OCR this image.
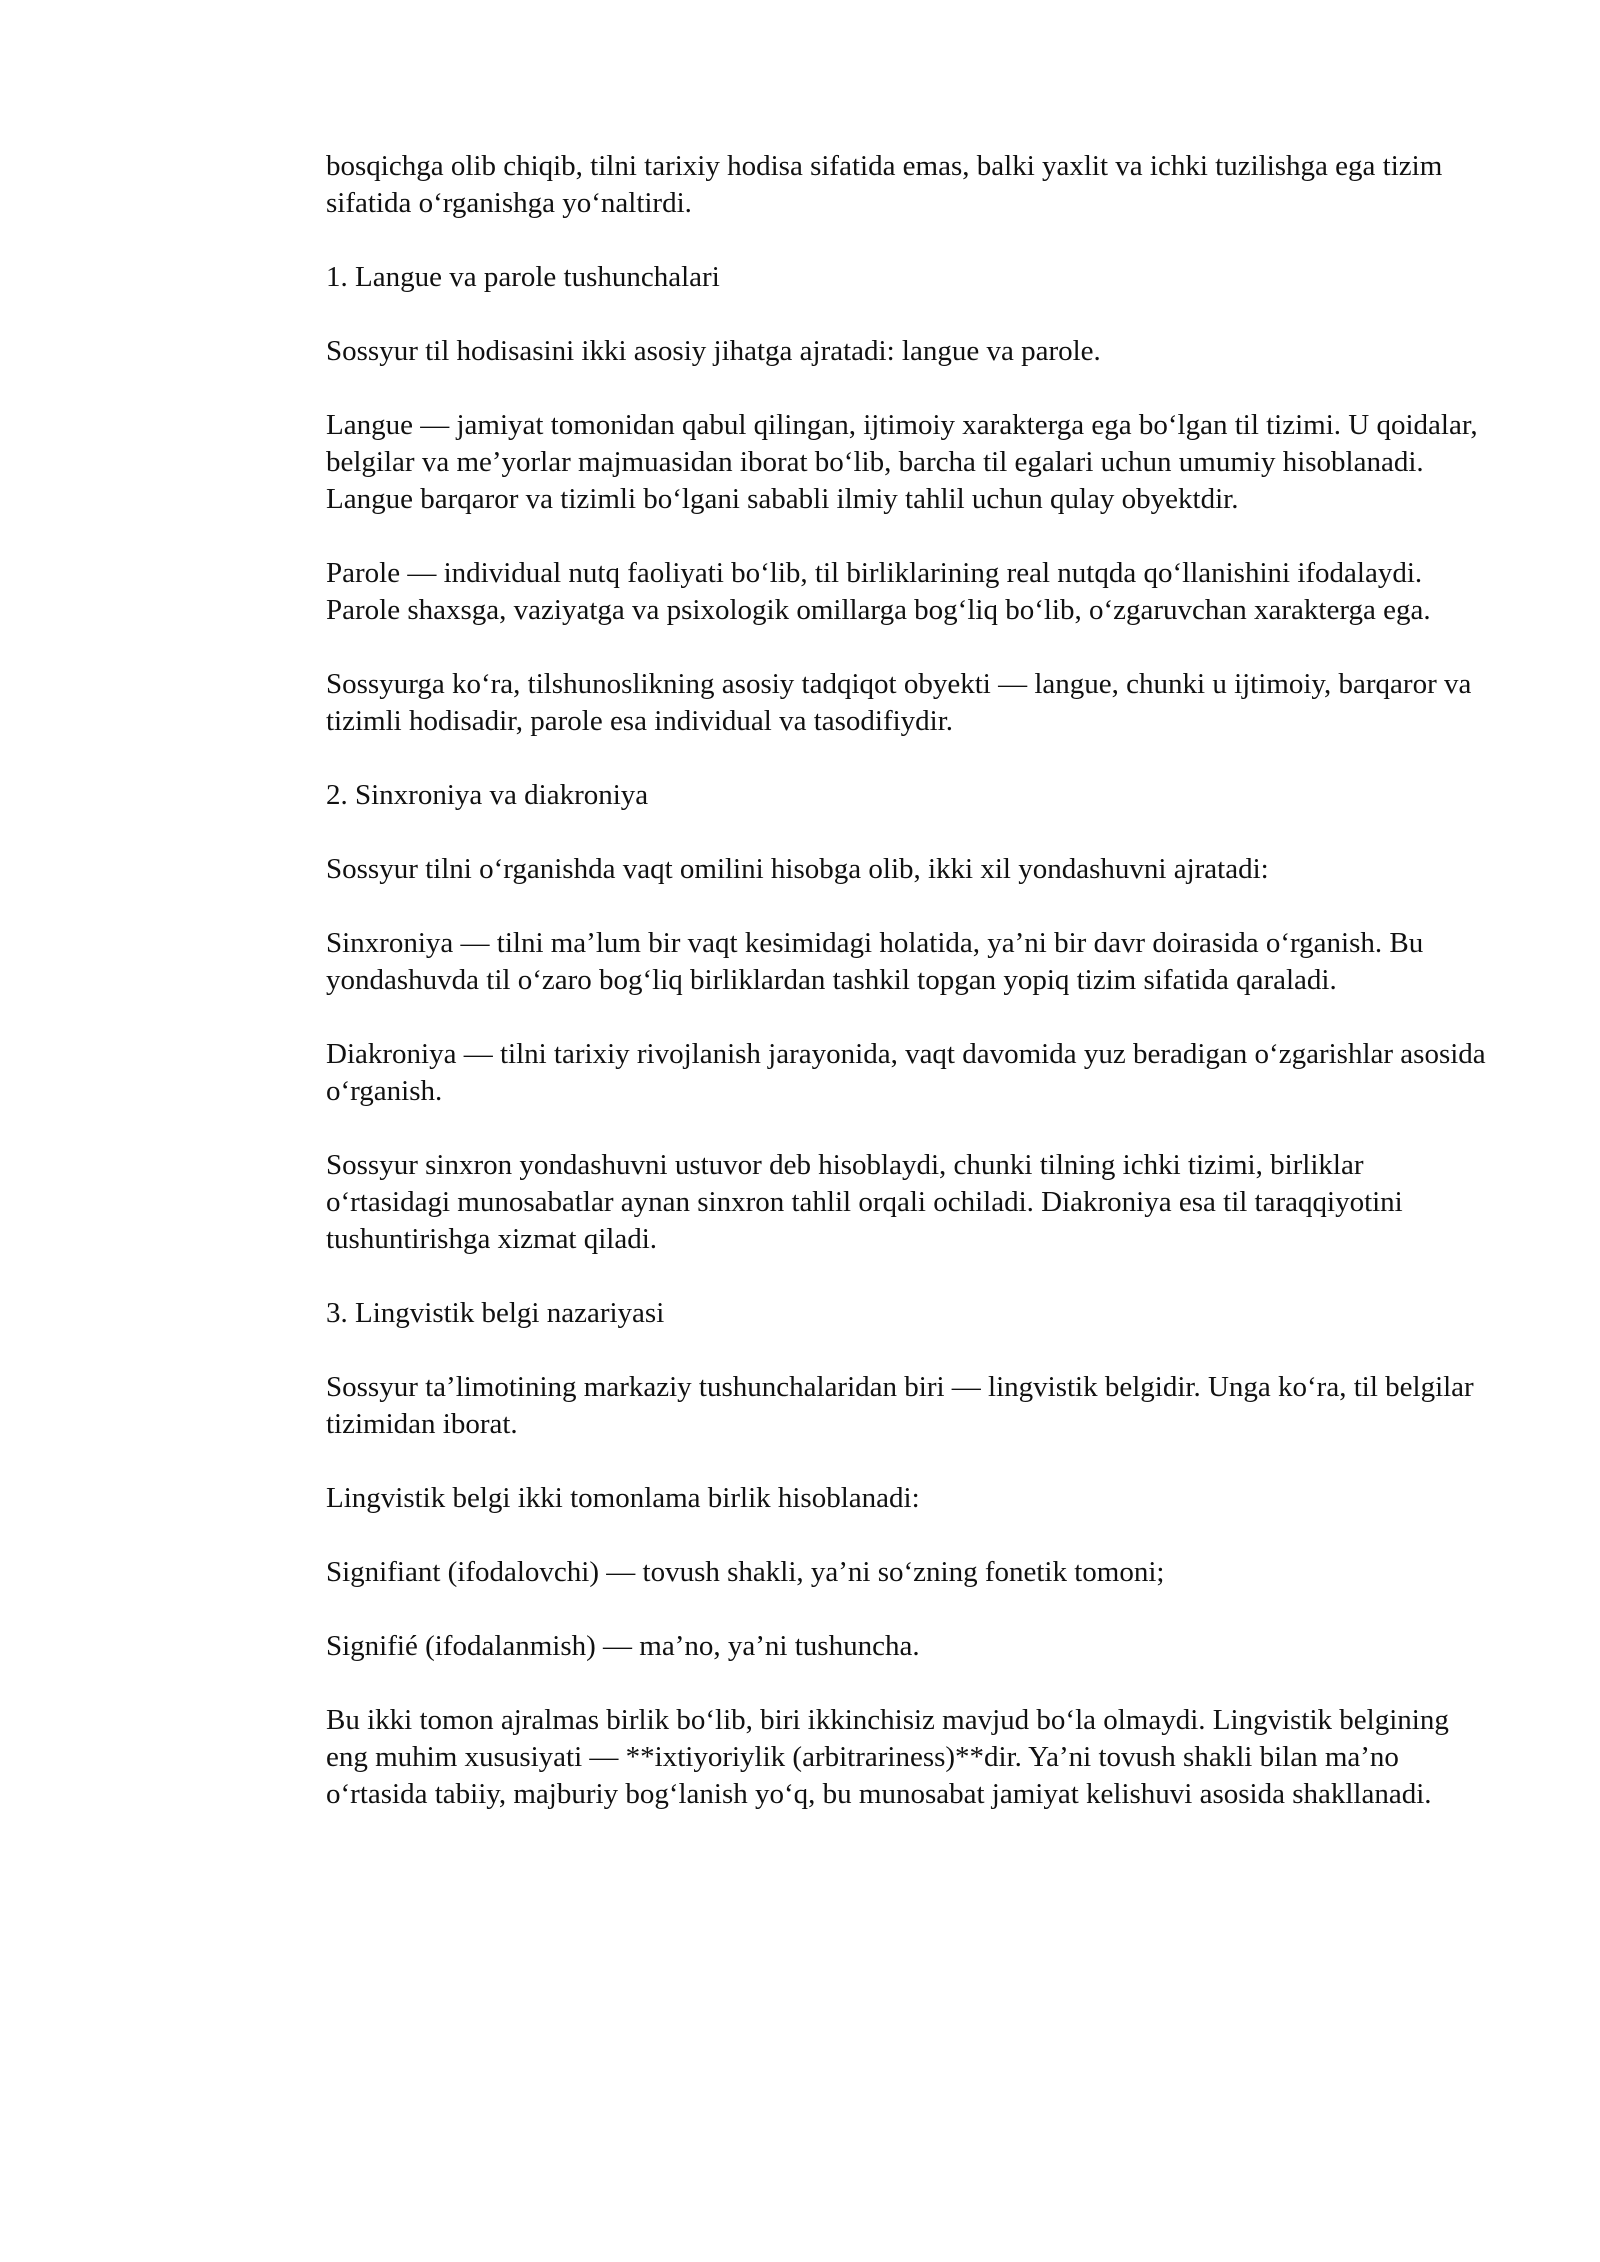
bosqichga olib chiqib, tilni tarixiy hodisa sifatida emas, balki yaxlit va ichki tuzilishga ega tizim sifatida o‘rganishga yo‘naltirdi.

1. Langue va parole tushunchalari

Sossyur til hodisasini ikki asosiy jihatga ajratadi: langue va parole.

Langue — jamiyat tomonidan qabul qilingan, ijtimoiy xarakterga ega bo‘lgan til tizimi. U qoidalar, belgilar va me’yorlar majmuasidan iborat bo‘lib, barcha til egalari uchun umumiy hisoblanadi. Langue barqaror va tizimli bo‘lgani sababli ilmiy tahlil uchun qulay obyektdir.

Parole — individual nutq faoliyati bo‘lib, til birliklarining real nutqda qo‘llanishini ifodalaydi. Parole shaxsga, vaziyatga va psixologik omillarga bog‘liq bo‘lib, o‘zgaruvchan xarakterga ega.

Sossyurga ko‘ra, tilshunoslikning asosiy tadqiqot obyekti — langue, chunki u ijtimoiy, barqaror va tizimli hodisadir, parole esa individual va tasodifiydir.

2. Sinxroniya va diakroniya

Sossyur tilni o‘rganishda vaqt omilini hisobga olib, ikki xil yondashuvni ajratadi:

Sinxroniya — tilni ma’lum bir vaqt kesimidagi holatida, ya’ni bir davr doirasida o‘rganish. Bu yondashuvda til o‘zaro bog‘liq birliklardan tashkil topgan yopiq tizim sifatida qaraladi.

Diakroniya — tilni tarixiy rivojlanish jarayonida, vaqt davomida yuz beradigan o‘zgarishlar asosida o‘rganish.

Sossyur sinxron yondashuvni ustuvor deb hisoblaydi, chunki tilning ichki tizimi, birliklar o‘rtasidagi munosabatlar aynan sinxron tahlil orqali ochiladi. Diakroniya esa til taraqqiyotini tushuntirishga xizmat qiladi.

3. Lingvistik belgi nazariyasi

Sossyur ta’limotining markaziy tushunchalaridan biri — lingvistik belgidir. Unga ko‘ra, til belgilar tizimidan iborat.

Lingvistik belgi ikki tomonlama birlik hisoblanadi:

Signifiant (ifodalovchi) — tovush shakli, ya’ni so‘zning fonetik tomoni;

Signifié (ifodalanmish) — ma’no, ya’ni tushuncha.

Bu ikki tomon ajralmas birlik bo‘lib, biri ikkinchisiz mavjud bo‘la olmaydi. Lingvistik belgining eng muhim xususiyati — **ixtiyoriylik (arbitrariness)**dir. Ya’ni tovush shakli bilan ma’no o‘rtasida tabiiy, majburiy bog‘lanish yo‘q, bu munosabat jamiyat kelishuvi asosida shakllanadi.
